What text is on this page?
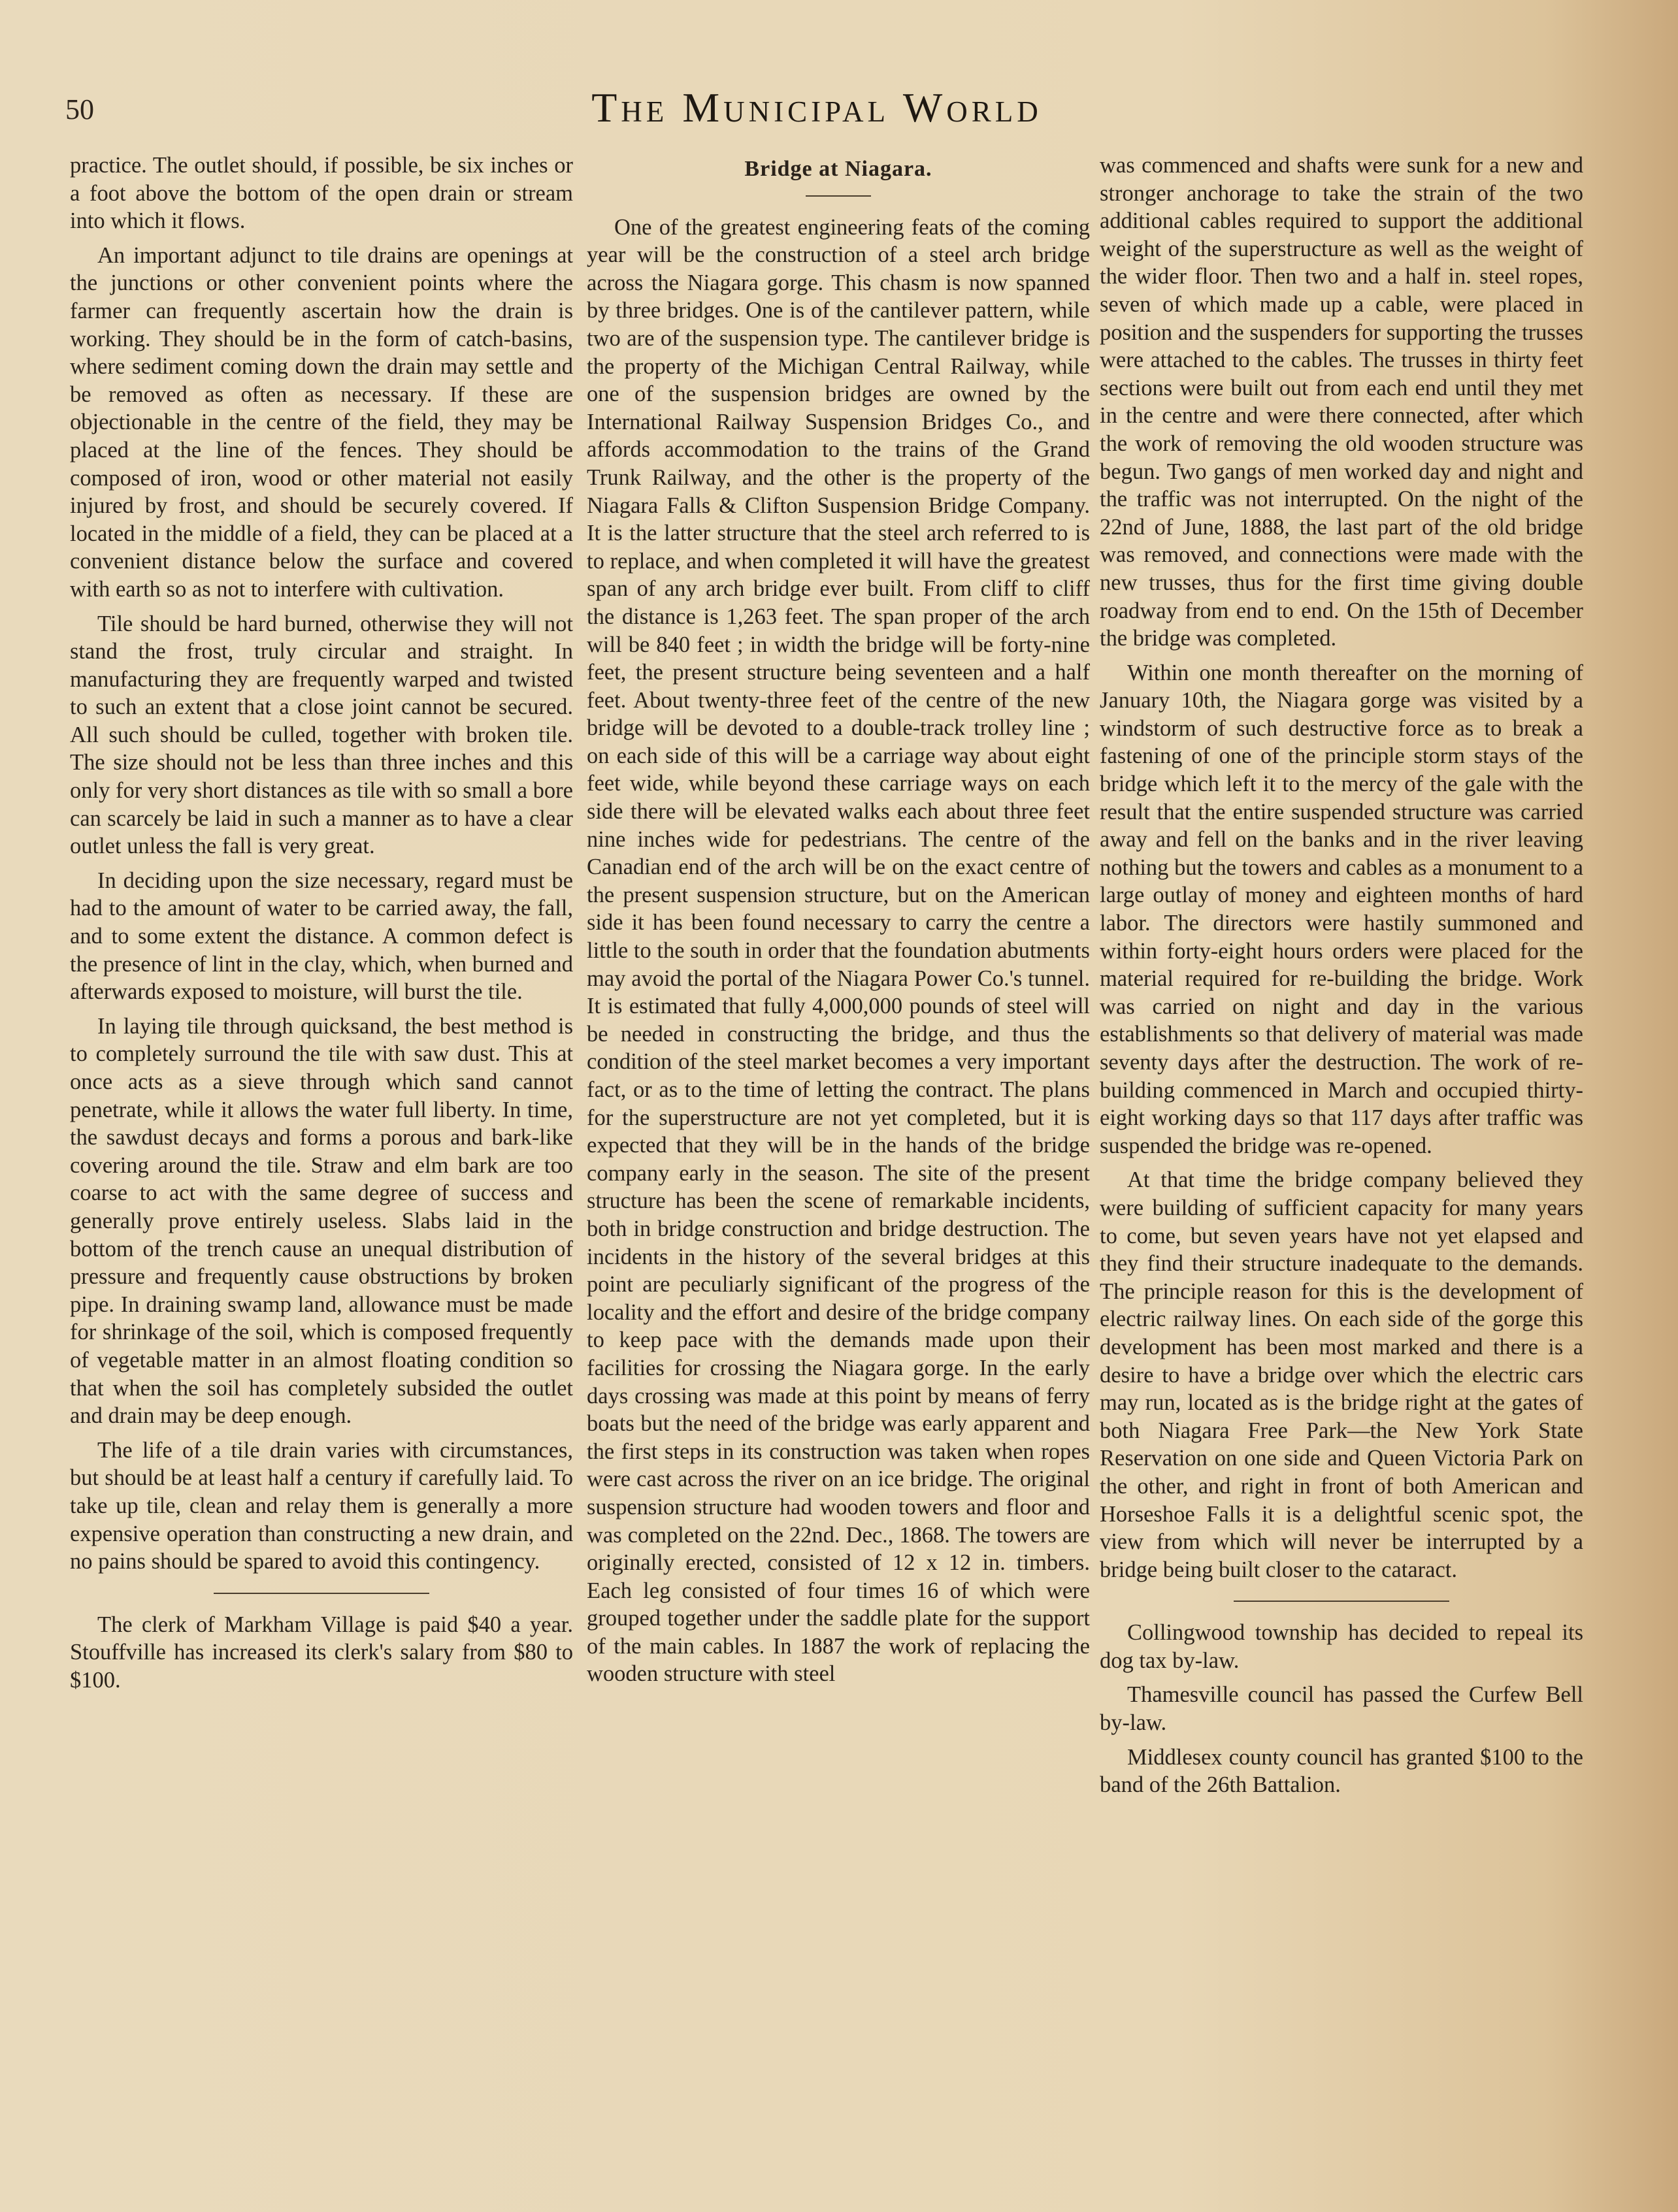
50	The Municipal World

practice. The outlet should, if possible, be six inches or a foot above the bottom of the open drain or stream into which it flows.

An important adjunct to tile drains are openings at the junctions or other convenient points where the farmer can frequently ascertain how the drain is working. They should be in the form of catch-basins, where sediment coming down the drain may settle and be removed as often as necessary. If these are objectionable in the centre of the field, they may be placed at the line of the fences. They should be composed of iron, wood or other material not easily injured by frost, and should be securely covered. If located in the middle of a field, they can be placed at a convenient distance below the surface and covered with earth so as not to interfere with cultivation.

Tile should be hard burned, otherwise they will not stand the frost, truly circular and straight. In manufacturing they are frequently warped and twisted to such an extent that a close joint cannot be secured. All such should be culled, together with broken tile. The size should not be less than three inches and this only for very short distances as tile with so small a bore can scarcely be laid in such a manner as to have a clear outlet unless the fall is very great.

In deciding upon the size necessary, regard must be had to the amount of water to be carried away, the fall, and to some extent the distance. A common defect is the presence of lint in the clay, which, when burned and afterwards exposed to moisture, will burst the tile.

In laying tile through quicksand, the best method is to completely surround the tile with saw dust. This at once acts as a sieve through which sand cannot penetrate, while it allows the water full liberty. In time, the sawdust decays and forms a porous and bark-like covering around the tile. Straw and elm bark are too coarse to act with the same degree of success and generally prove entirely useless. Slabs laid in the bottom of the trench cause an unequal distribution of pressure and frequently cause obstructions by broken pipe. In draining swamp land, allowance must be made for shrinkage of the soil, which is composed frequently of vegetable matter in an almost floating condition so that when the soil has completely subsided the outlet and drain may be deep enough.

The life of a tile drain varies with circumstances, but should be at least half a century if carefully laid. To take up tile, clean and relay them is generally a more expensive operation than constructing a new drain, and no pains should be spared to avoid this contingency.

The clerk of Markham Village is paid $40 a year. Stouffville has increased its clerk's salary from $80 to $100.

Bridge at Niagara.

One of the greatest engineering feats of the coming year will be the construction of a steel arch bridge across the Niagara gorge. This chasm is now spanned by three bridges. One is of the cantilever pattern, while two are of the suspension type. The cantilever bridge is the property of the Michigan Central Railway, while one of the suspension bridges are owned by the International Railway Suspension Bridges Co., and affords accommodation to the trains of the Grand Trunk Railway, and the other is the property of the Niagara Falls & Clifton Suspension Bridge Company. It is the latter structure that the steel arch referred to is to replace, and when completed it will have the greatest span of any arch bridge ever built. From cliff to cliff the distance is 1,263 feet. The span proper of the arch will be 840 feet ; in width the bridge will be forty-nine feet, the present structure being seventeen and a half feet. About twenty-three feet of the centre of the new bridge will be devoted to a double-track trolley line ; on each side of this will be a carriage way about eight feet wide, while beyond these carriage ways on each side there will be elevated walks each about three feet nine inches wide for pedestrians. The centre of the Canadian end of the arch will be on the exact centre of the present suspension structure, but on the American side it has been found necessary to carry the centre a little to the south in order that the foundation abutments may avoid the portal of the Niagara Power Co.'s tunnel. It is estimated that fully 4,000,000 pounds of steel will be needed in constructing the bridge, and thus the condition of the steel market becomes a very important fact, or as to the time of letting the contract. The plans for the superstructure are not yet completed, but it is expected that they will be in the hands of the bridge company early in the season. The site of the present structure has been the scene of remarkable incidents, both in bridge construction and bridge destruction. The incidents in the history of the several bridges at this point are peculiarly significant of the progress of the locality and the effort and desire of the bridge company to keep pace with the demands made upon their facilities for crossing the Niagara gorge. In the early days crossing was made at this point by means of ferry boats but the need of the bridge was early apparent and the first steps in its construction was taken when ropes were cast across the river on an ice bridge. The original suspension structure had wooden towers and floor and was completed on the 22nd. Dec., 1868. The towers are originally erected, consisted of 12 x 12 in. timbers. Each leg consisted of four times 16 of which were grouped together under the saddle plate for the support of the main cables. In 1887 the work of replacing the wooden structure with steel

was commenced and shafts were sunk for a new and stronger anchorage to take the strain of the two additional cables required to support the additional weight of the superstructure as well as the weight of the wider floor. Then two and a half in. steel ropes, seven of which made up a cable, were placed in position and the suspenders for supporting the trusses were attached to the cables. The trusses in thirty feet sections were built out from each end until they met in the centre and were there connected, after which the work of removing the old wooden structure was begun. Two gangs of men worked day and night and the traffic was not interrupted. On the night of the 22nd of June, 1888, the last part of the old bridge was removed, and connections were made with the new trusses, thus for the first time giving double roadway from end to end. On the 15th of December the bridge was completed.

Within one month thereafter on the morning of January 10th, the Niagara gorge was visited by a windstorm of such destructive force as to break a fastening of one of the principle storm stays of the bridge which left it to the mercy of the gale with the result that the entire suspended structure was carried away and fell on the banks and in the river leaving nothing but the towers and cables as a monument to a large outlay of money and eighteen months of hard labor. The directors were hastily summoned and within forty-eight hours orders were placed for the material required for re-building the bridge. Work was carried on night and day in the various establishments so that delivery of material was made seventy days after the destruction. The work of re-building commenced in March and occupied thirty-eight working days so that 117 days after traffic was suspended the bridge was re-opened.

At that time the bridge company believed they were building of sufficient capacity for many years to come, but seven years have not yet elapsed and they find their structure inadequate to the demands. The principle reason for this is the development of electric railway lines. On each side of the gorge this development has been most marked and there is a desire to have a bridge over which the electric cars may run, located as is the bridge right at the gates of both Niagara Free Park—the New York State Reservation on one side and Queen Victoria Park on the other, and right in front of both American and Horseshoe Falls it is a delightful scenic spot, the view from which will never be interrupted by a bridge being built closer to the cataract.

Collingwood township has decided to repeal its dog tax by-law.

Thamesville council has passed the Curfew Bell by-law.

Middlesex county council has granted $100 to the band of the 26th Battalion.
